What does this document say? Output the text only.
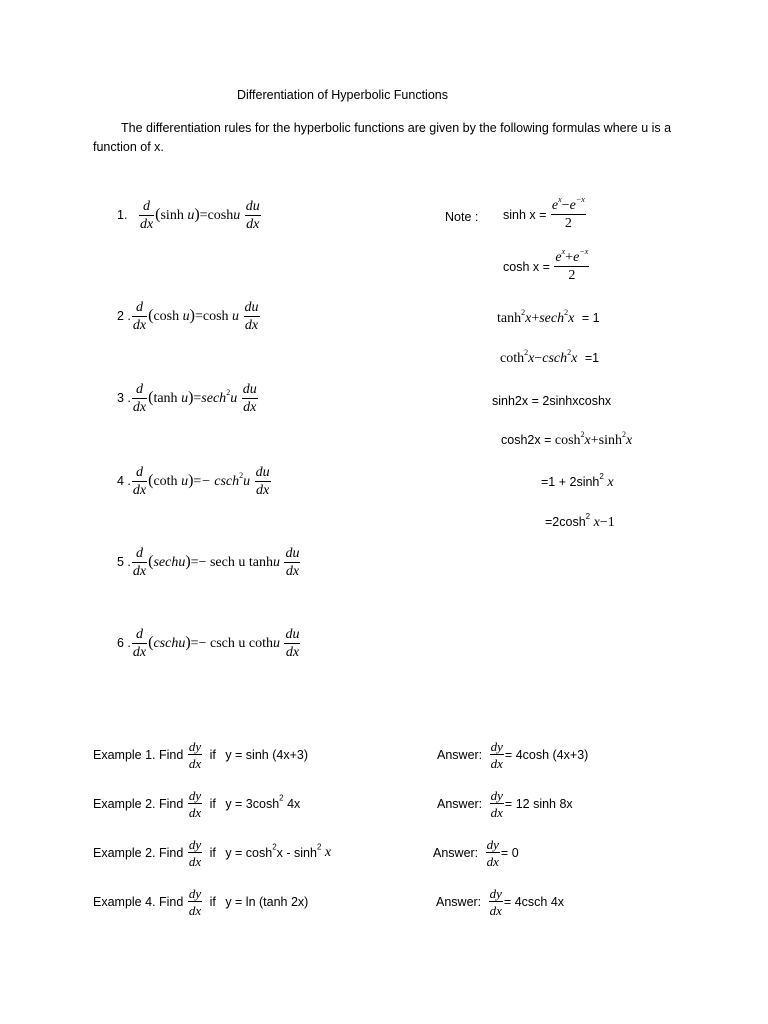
Differentiation of Hyperbolic Functions
The differentiation rules for the hyperbolic functions are given by the following formulas where u is a function of x.
1. $\frac{d}{dx} (\sinh$ $u)=\cosh u \frac{du}{dx}$
2 . $\frac{d}{dx} (\cosh$ u)=cosh u $\frac{du}{dx}$
3 . $\frac{d}{dx} (\tanh$ $u)=\sec h^2u \frac{du}{dx}$
4 . $\frac{d}{dx} (\cot h$ $u)=- \csc h^2u \frac{du}{dx}$
5 . $\frac{d}{dx}$ (sechu)=− sech u tanhu $\frac{du}{dx}$
6 . $\frac{d}{dx}$ (cschu)=− csch u cothu $\frac{du}{dx}$
Note : $\sinh x = \frac{e^x-e^{-x}}{2}$
$\cosh x = \frac{e^x+e^{-x}}{2}$
$\tanh^2x+\sec h^2x = 1$
coth$^2$x−csch$^2$x =1
sinh2x = 2sinhxcoshx
$\cosh 2x = \cosh^2x+\sinh^2x$
$=1 + 2\sinh^2$ x
$=2\cosh^2$ x−1
Example 1. Find $\frac{dy}{dx}$ if y = sinh (4x+3)	Answer: $\frac{dy}{dx} = 4\cosh$ (4x+3)
Example 2. Find $\frac{dy}{dx}$ if $y = 3\cosh^2$ 4x	Answer: $\frac{dy}{dx} = 12$ sinh 8x
Example 2. Find $\frac{dy}{dx}$ if $y = \cosh^2x - \sinh^2 x$	Answer: $\frac{dy}{dx} = 0$
Example 4. Find $\frac{dy}{dx}$ if y = ln (tanh 2x)	Answer: $\frac{dy}{dx} = 4\csc h$ 4x
